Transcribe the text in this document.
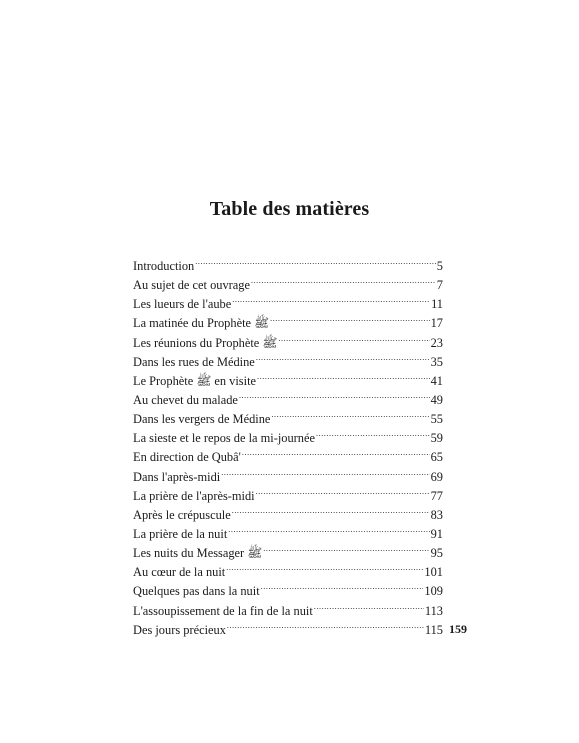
Table des matières
Introduction .....	5
Au sujet de cet ouvrage .....	7
Les lueurs de l'aube .....	11
La matinée du Prophète ﷺ .....	17
Les réunions du Prophète ﷺ .....	23
Dans les rues de Médine .....	35
Le Prophète ﷺ en visite .....	41
Au chevet du malade .....	49
Dans les vergers de Médine .....	55
La sieste et le repos de la mi-journée .....	59
En direction de Qubâ' .....	65
Dans l'après-midi .....	69
La prière de l'après-midi .....	77
Après le crépuscule .....	83
La prière de la nuit .....	91
Les nuits du Messager ﷺ .....	95
Au cœur de la nuit .....	101
Quelques pas dans la nuit .....	109
L'assoupissement de la fin de la nuit .....	113
Des jours précieux .....	115 159
